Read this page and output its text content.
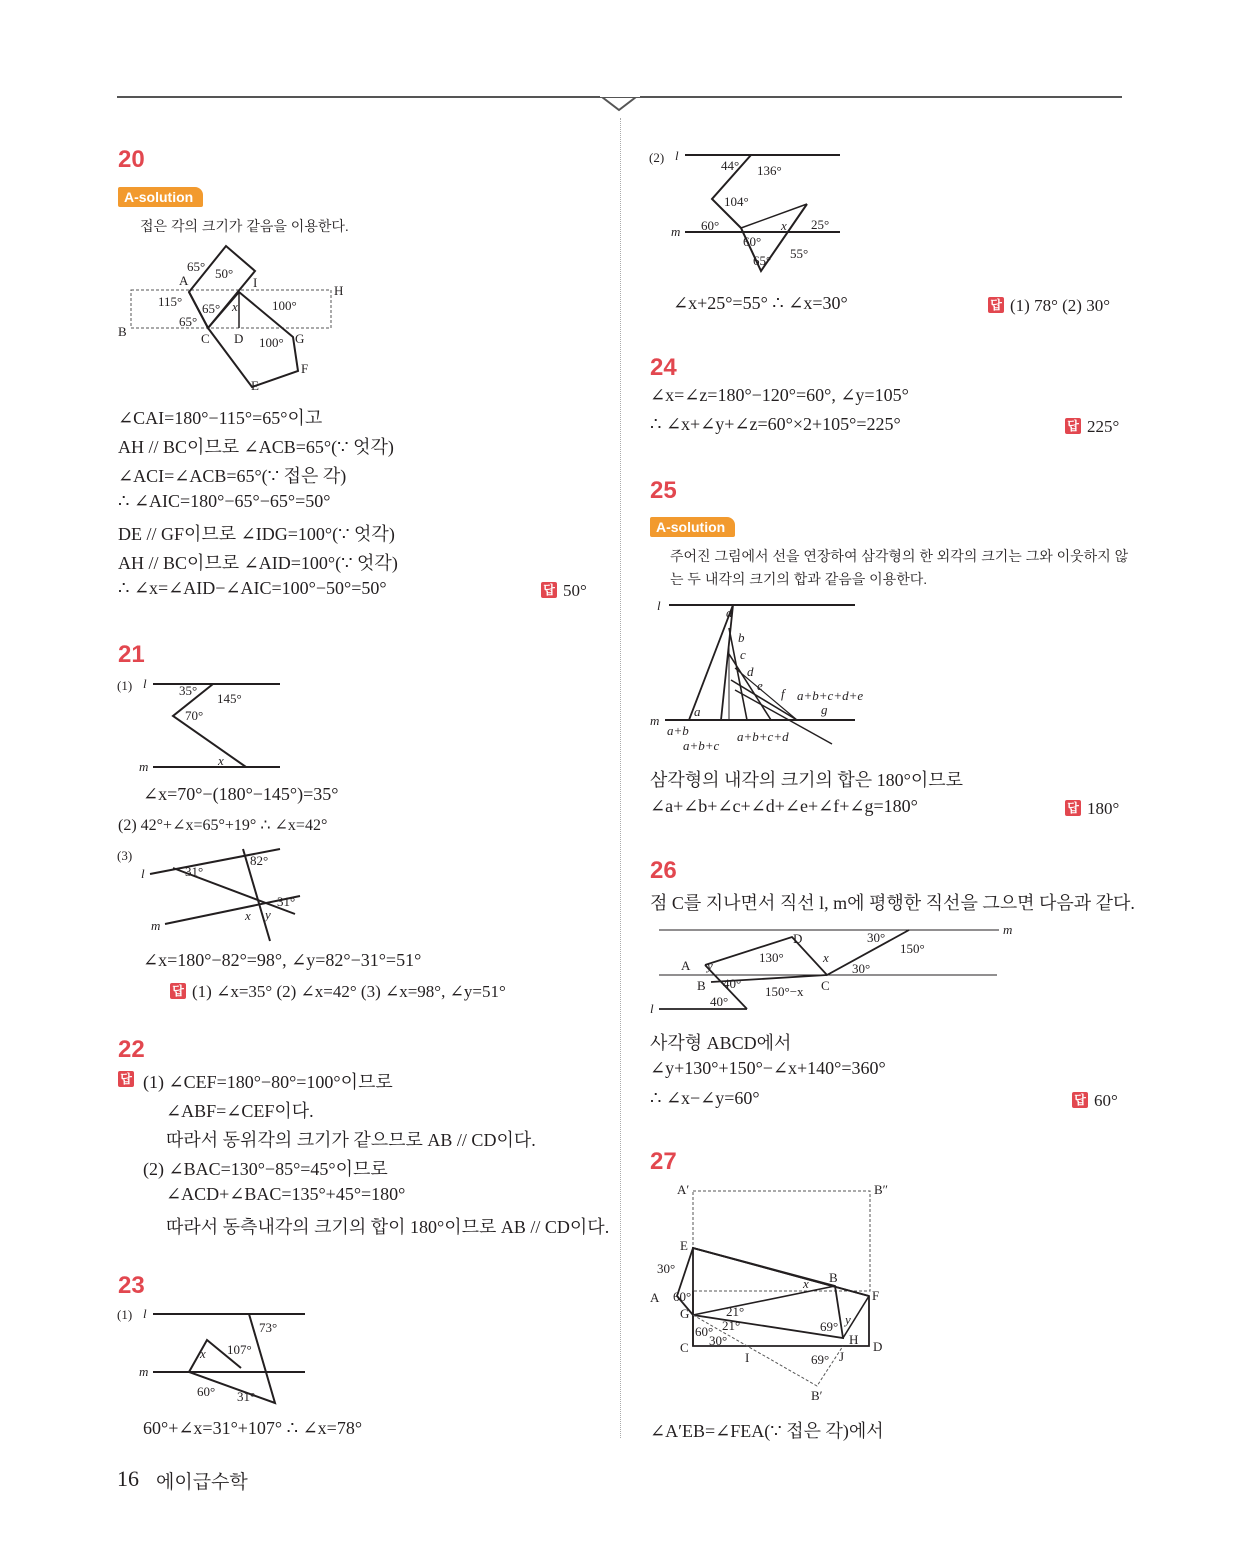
20
A-solution
접은 각의 크기가 같음을 이용한다.
A
B	C D
E
F
G
H
I
65° 50°
115° 65°
65°
x	100°
100°
∠CAI=180°−115°=65°이고
AH // BC이므로 ∠ACB=65°(∵ 엇각)
∠ACI=∠ACB=65°(∵ 접은 각)
∴ ∠AIC=180°−65°−65°=50°
DE // GF이므로 ∠IDG=100°(∵ 엇각)
AH // BC이므로 ∠AID=100°(∵ 엇각)
∴ ∠x=∠AID−∠AIC=100°−50°=50°	답 50°
21
(1) l
m
35°
145°
70°
x
∠x=70°−(180°−145°)=35°
(2) 42°+∠x=65°+19° ∴ ∠x=42°
(3)
l
m
31°
82°
31°
x y
∠x=180°−82°=98°, ∠y=82°−31°=51°
답 (1) ∠x=35° (2) ∠x=42° (3) ∠x=98°, ∠y=51°
22
답 (1) ∠CEF=180°−80°=100°이므로
∠ABF=∠CEF이다.
따라서 동위각의 크기가 같으므로 AB // CD이다.
(2) ∠BAC=130°−85°=45°이므로
∠ACD+∠BAC=135°+45°=180°
따라서 동측내각의 크기의 합이 180°이므로 AB // CD이다.
23
(1) l
m
73°
107°
x
60° 31°
60°+∠x=31°+107° ∴ ∠x=78°
(2) l
m
44° 136°
104°
60°
60°
65°
x 25°
55°
∠x+25°=55° ∴ ∠x=30°	답 (1) 78° (2) 30°
24
∠x=∠z=180°−120°=60°, ∠y=105°
∴ ∠x+∠y+∠z=60°×2+105°=225°	답 225°
25
A-solution
주어진 그림에서 선을 연장하여 삼각형의 한 외각의 크기는 그와 이웃하지 않
는 두 내각의 크기의 합과 같음을 이용한다.
l
m
a
b
c
d
e
f
g
a
a+b+c+d+e
a+b
a+b+c
a+b+c+d
삼각형의 내각의 크기의 합은 180°이므로
∠a+∠b+∠c+∠d+∠e+∠f+∠g=180°	답 180°
26
점 C를 지나면서 직선 l, m에 평행한 직선을 그으면 다음과 같다.
m
l
A
B	C
D	30°
150°
130°	x
30°
y
40°
40°
150°−x
사각형 ABCD에서
∠y+130°+150°−∠x+140°=360°
∴ ∠x−∠y=60°	답 60°
27
A′	B″
E
30°
B
x
A 60°	F
G	21°
21°
60°
30°
69° y
H
C
I	69° J
D
B′
∠A′EB=∠FEA(∵ 접은 각)에서
16 에이급수학
